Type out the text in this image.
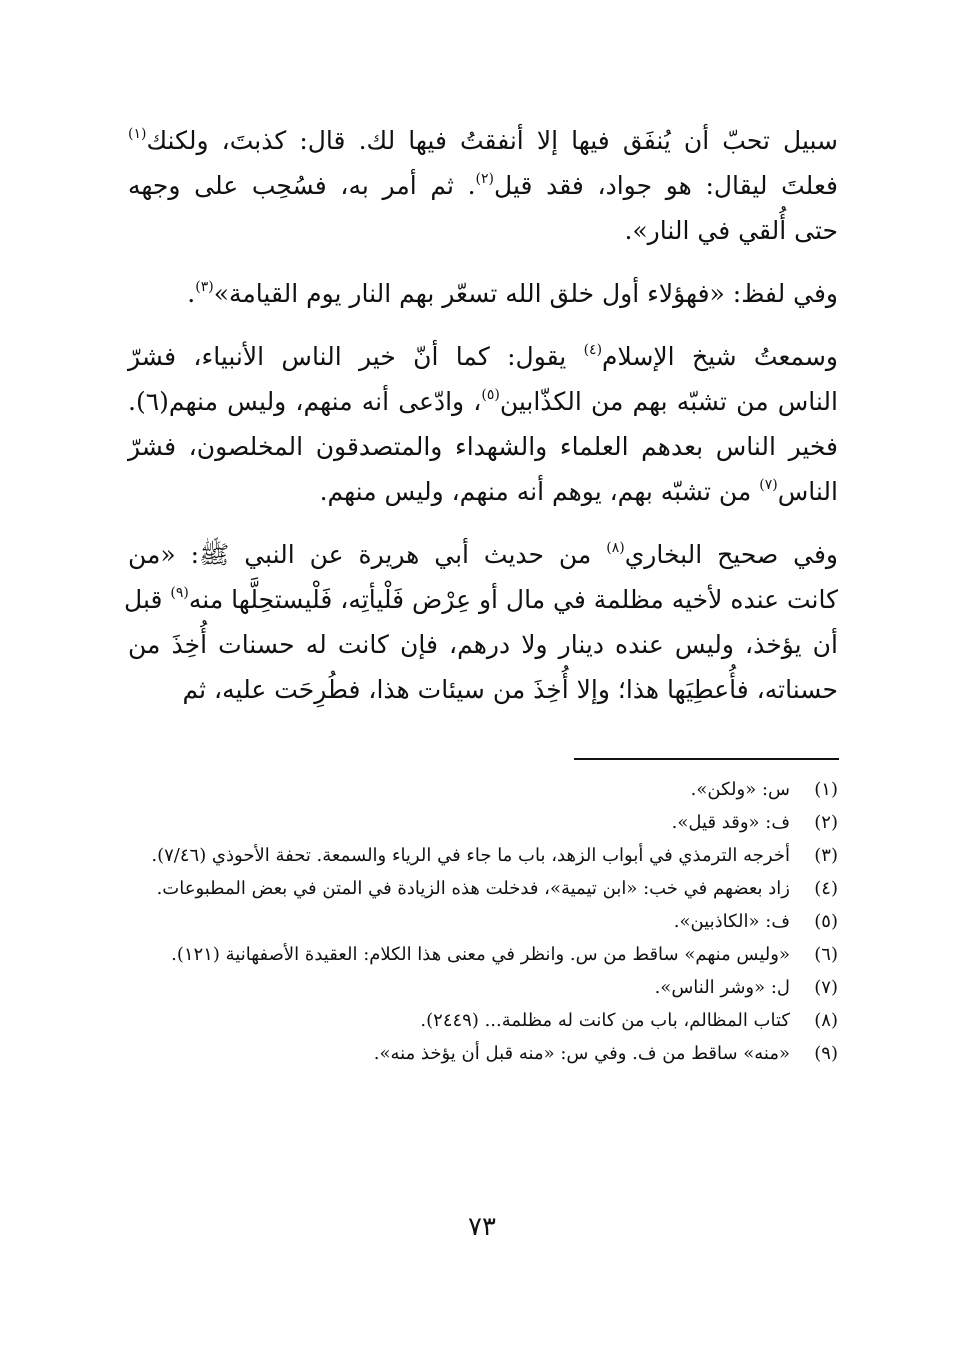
سبيل تحبّ أن يُنفَق فيها إلا أنفقتُ فيها لك. قال: كذبتَ، ولكنك$^{(١)}$
فعلتَ ليقال: هو جواد، فقد قيل$^{(٢)}$. ثم أمر به، فسُحِب على وجهه
حتى أُلقي في النار».
وفي لفظ: «فهؤلاء أول خلق الله تسعّر بهم النار يوم القيامة»$^{(٣)}$.
وسمعتُ شيخ الإسلام$^{(٤)}$ يقول: كما أنّ خير الناس الأنبياء، فشرّ
الناس من تشبّه بهم من الكذّابين$^{(٥)}$، وادّعى أنه منهم، وليس منهم(٦).
فخير الناس بعدهم العلماء والشهداء والمتصدقون المخلصون، فشرّ
الناس$^{(٧)}$ من تشبّه بهم، يوهم أنه منهم، وليس منهم.
وفي صحيح البخاري$^{(٨)}$ من حديث أبي هريرة عن النبي ﷺ: «من
كانت عنده لأخيه مظلمة في مال أو عِرْض فَلْيأتِه، فَلْيستحِلَّها منه$^{(٩)}$ قبل
أن يؤخذ، وليس عنده دينار ولا درهم، فإن كانت له حسنات أُخِذَ من
حسناته، فأُعطِيَها هذا؛ وإلا أُخِذَ من سيئات هذا، فطُرِحَت عليه، ثم
(١)
س: «ولكن».
(٢)
ف: «وقد قيل».
(٣)
أخرجه الترمذي في أبواب الزهد، باب ما جاء في الرياء والسمعة. تحفة الأحوذي (٧/٤٦).
(٤)
زاد بعضهم في خب: «ابن تيمية»، فدخلت هذه الزيادة في المتن في بعض المطبوعات.
(٥)
ف: «الكاذبين».
(٦)
«وليس منهم» ساقط من س. وانظر في معنى هذا الكلام: العقيدة الأصفهانية (١٢١).
(٧)
ل: «وشر الناس».
(٨)
كتاب المظالم، باب من كانت له مظلمة... (٢٤٤٩).
(٩)
«منه» ساقط من ف. وفي س: «منه قبل أن يؤخذ منه».
٧٣
